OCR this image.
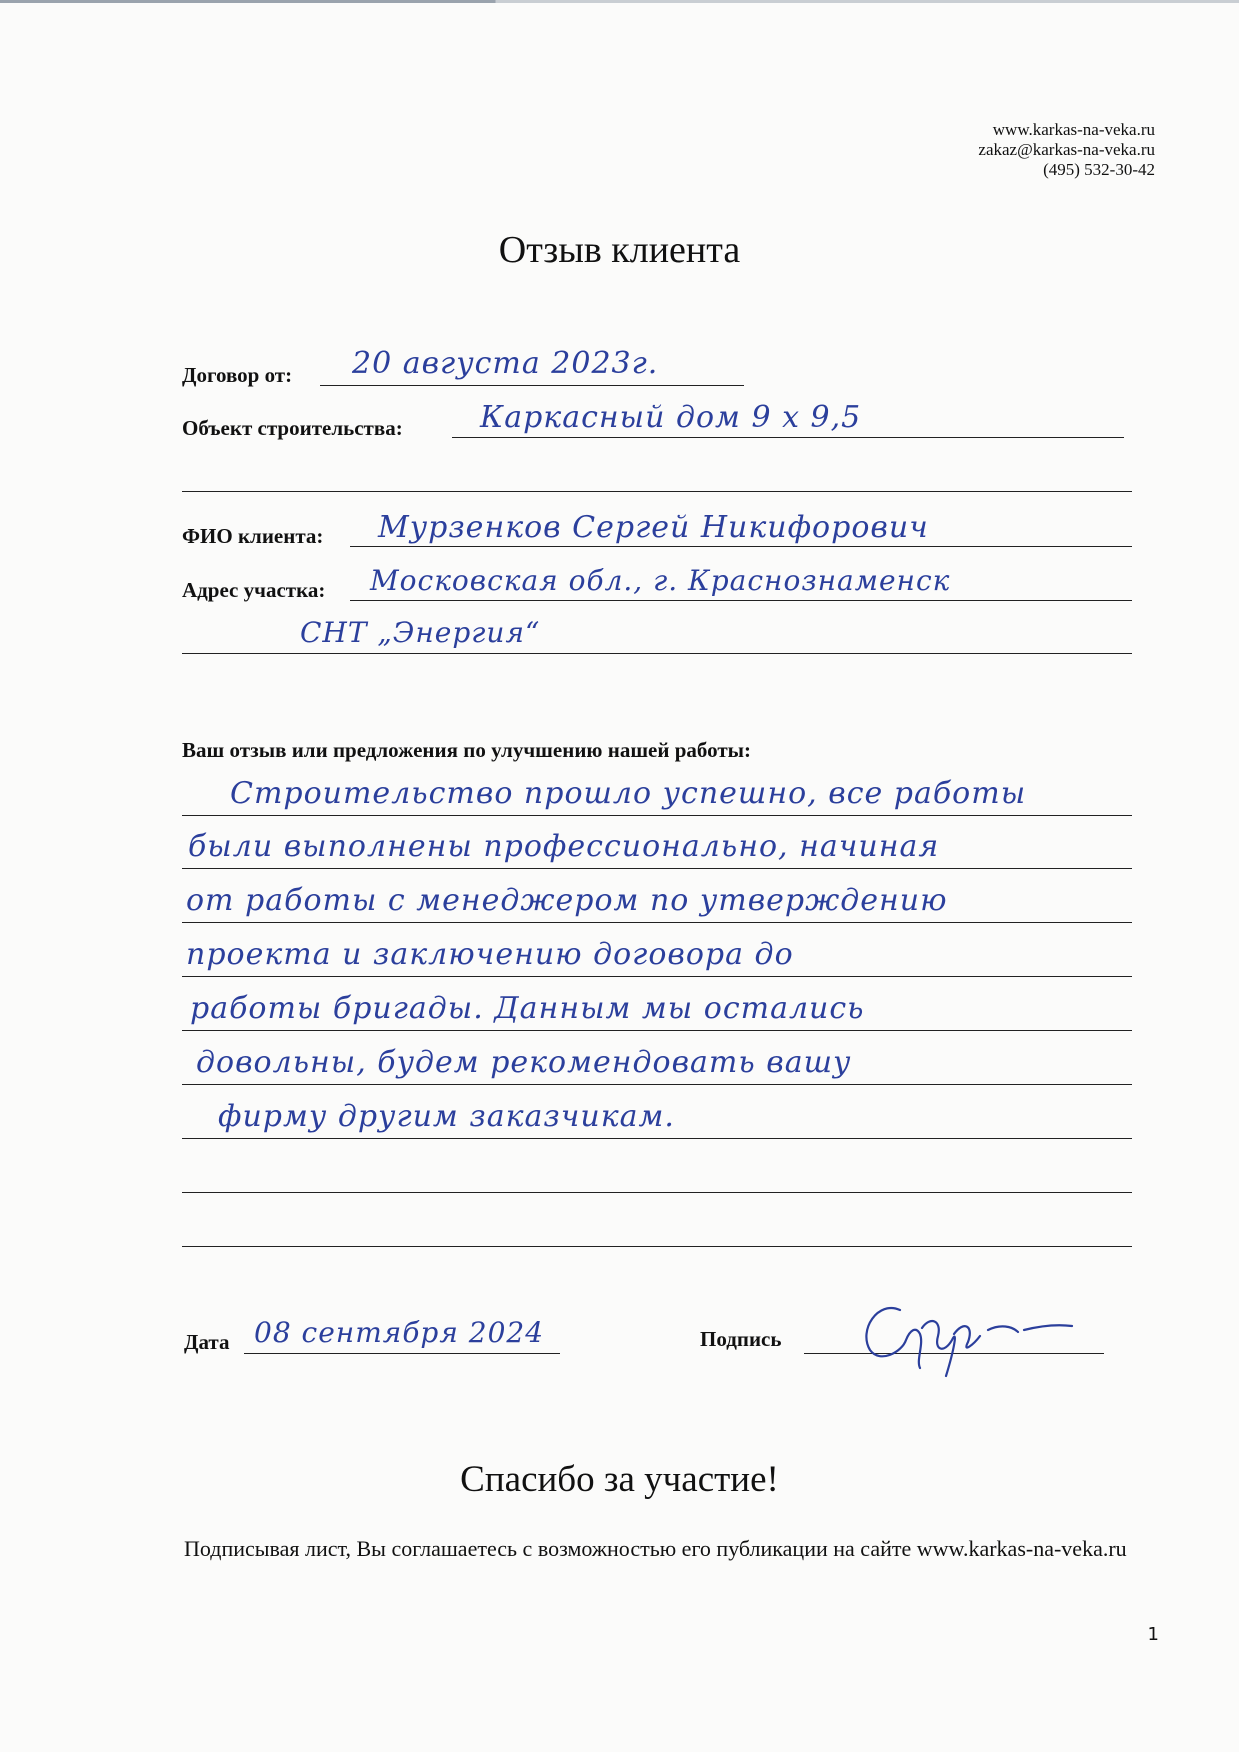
www.karkas-na-veka.ru
zakaz@karkas-na-veka.ru
(495) 532-30-42
Отзыв клиента
Договор от: 20 августа 2023г.
Объект строительства:	Каркасный дом 9 х 9,5
ФИО клиента: Мурзенков Сергей Никифорович
Адрес участка: Московская обл., г. Краснознаменск
СНТ „Энергия“
Ваш отзыв или предложения по улучшению нашей работы:
Строительство прошло успешно, все работы
были выполнены профессионально, начиная
от работы с менеджером по утверждению
проекта и заключению договора до
работы бригады. Данным мы остались
довольны, будем рекомендовать вашу
фирму другим заказчикам.
Дата 08 сентября 2024	Подпись
Спасибо за участие!
Подписывая лист, Вы соглашаетесь с возможностью его публикации на сайте www.karkas-na-veka.ru
1
